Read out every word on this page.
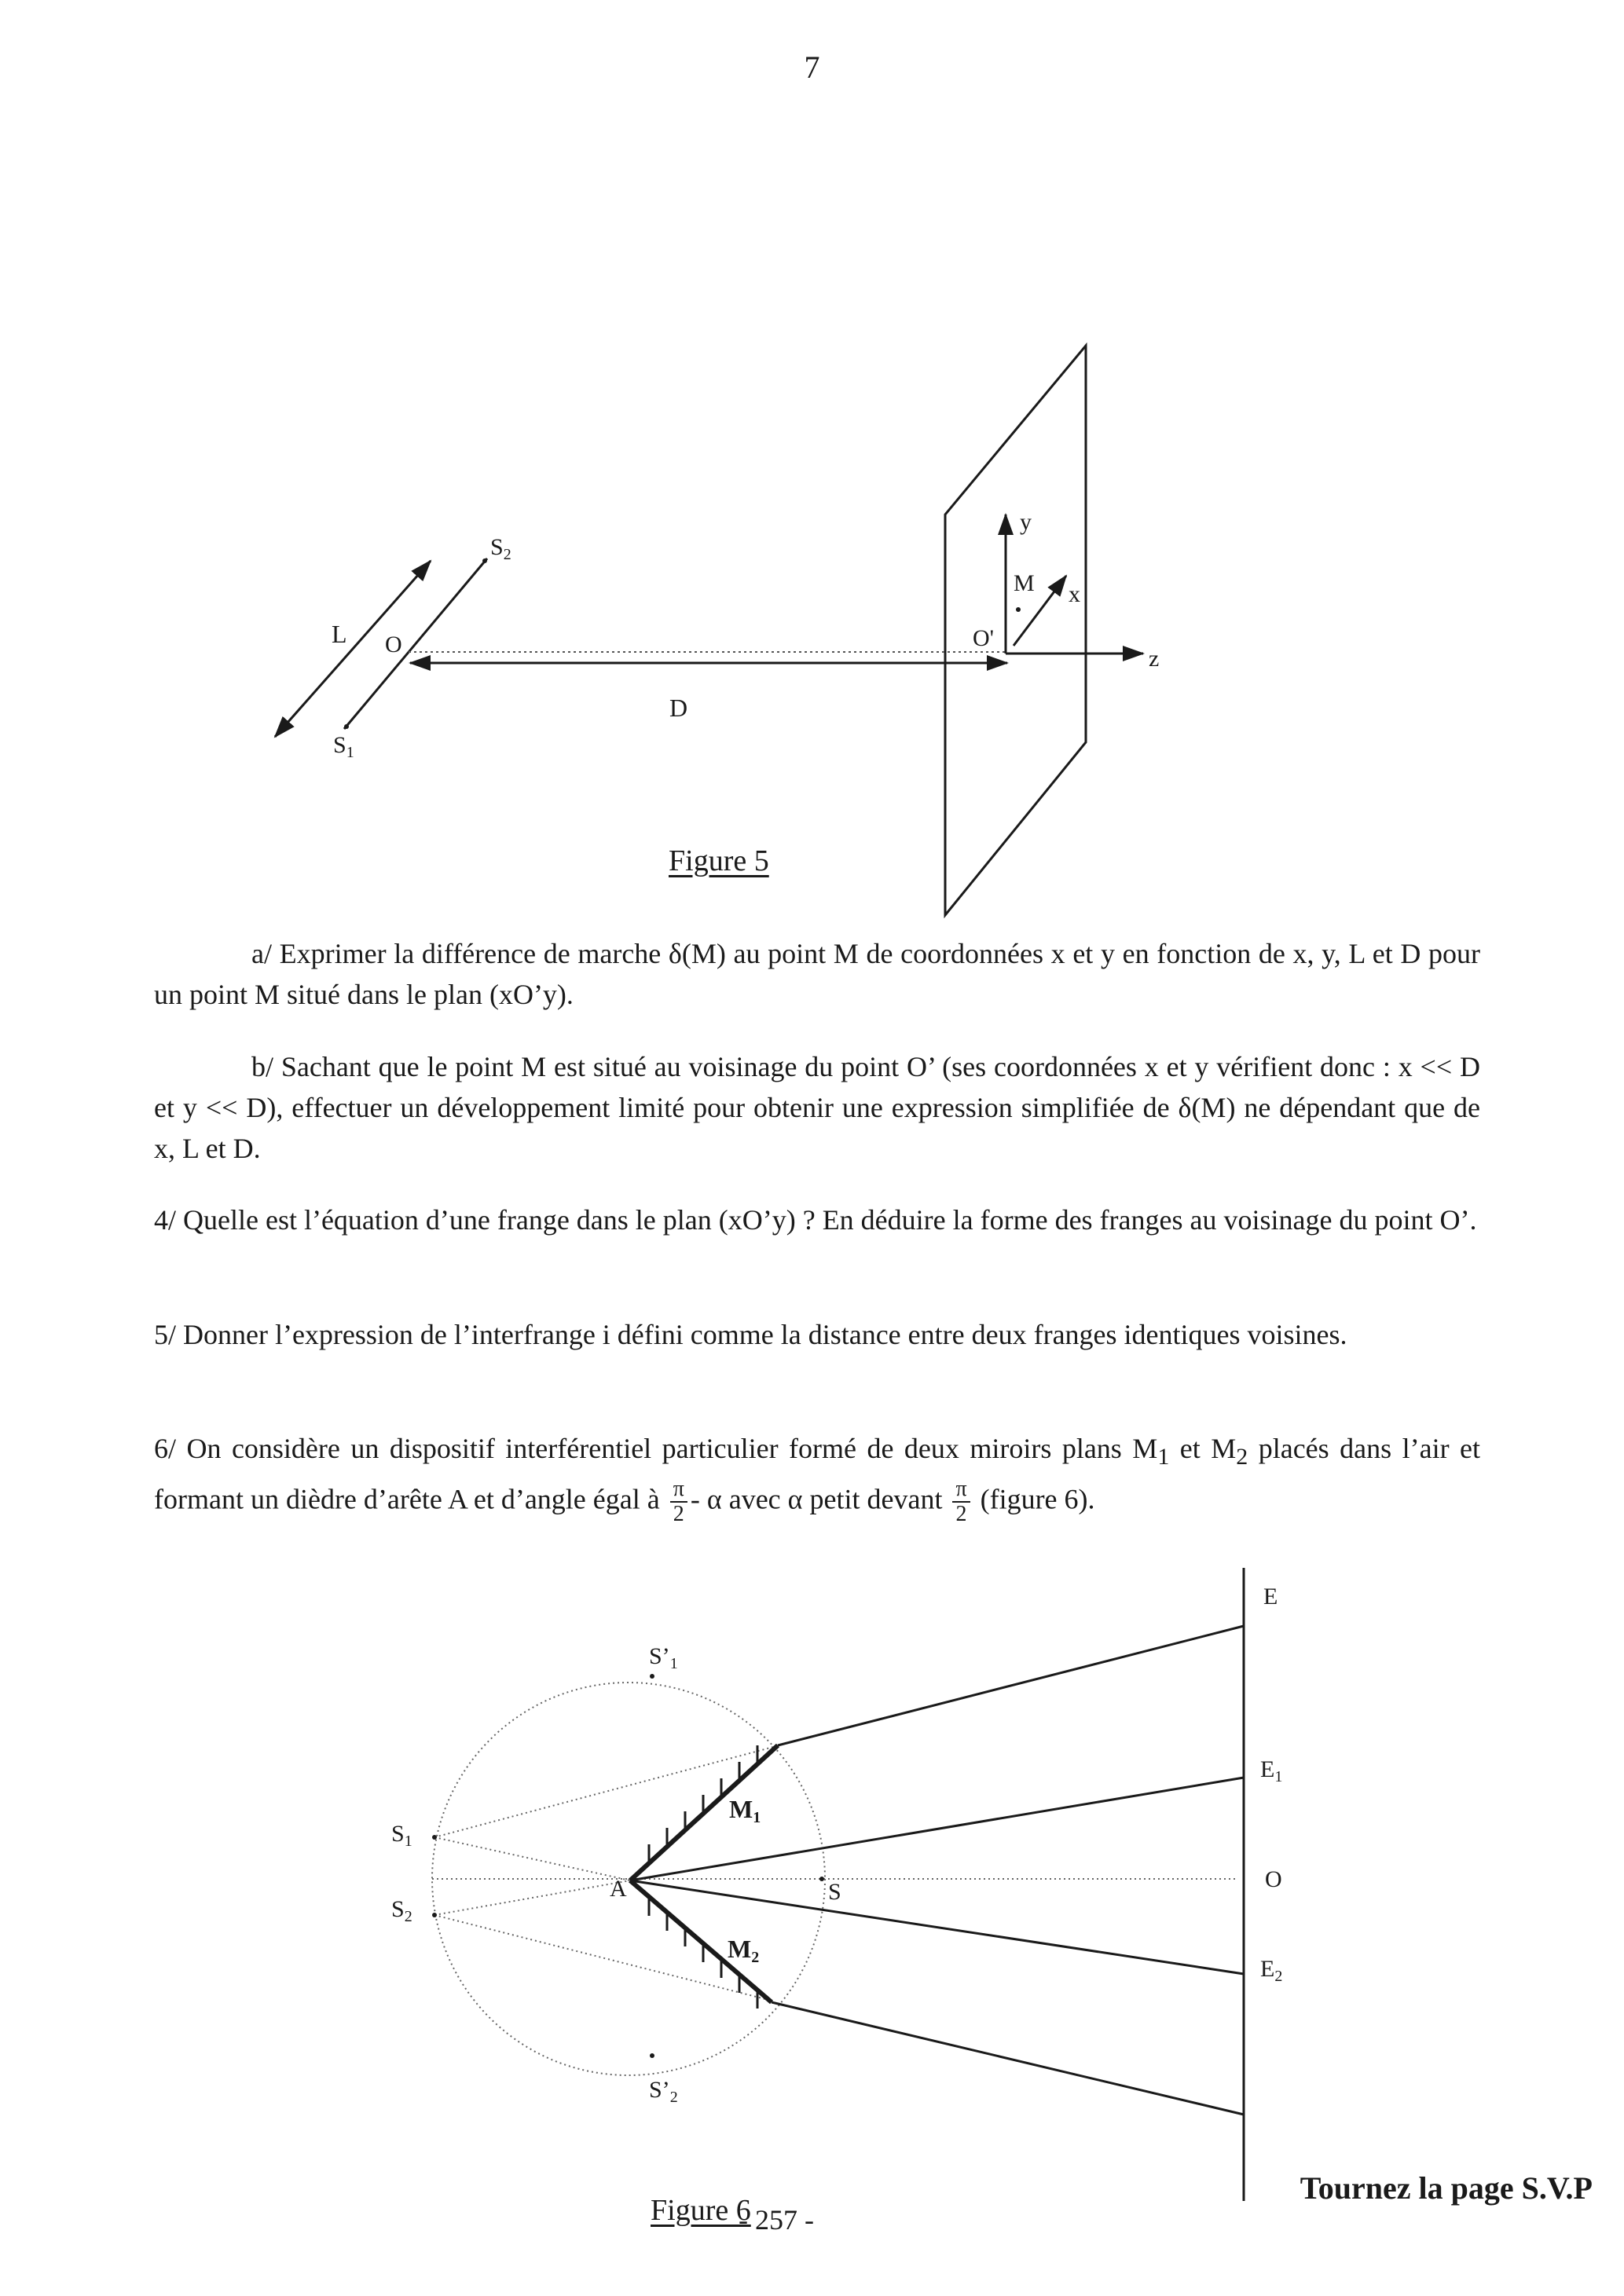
7
$S_2$
$S_1$
L O
D
O'
M x
y
z
Figure 5
a/ Exprimer la différence de marche δ(M) au point M de coordonnées x et y en fonction de x, y, L et D pour un point M situé dans le plan (xO’y).
b/ Sachant que le point M est situé au voisinage du point O’ (ses coordonnées x et y vérifient donc : x << D et y << D), effectuer un développement limité pour obtenir une expression simplifiée de δ(M) ne dépendant que de x, L et D.
4/ Quelle est l’équation d’une frange dans le plan (xO’y) ? En déduire la forme des franges au voisinage du point O’.
5/ Donner l’expression de l’interfrange i défini comme la distance entre deux franges identiques voisines.
6/ On considère un dispositif interférentiel particulier formé de deux miroirs plans $M_1$ et $M_2$ placés dans l’air et formant un dièdre d’arête A et d’angle égal à $\frac{\pi}{2}$ - α avec α petit devant $\frac{\pi}{2}$ (figure 6).
E
$E_1$
O
$E_2$
$S’_1$
$S’_2$
$S_1$
$S_2$
A	S
M1
M2
Tournez la page S.V.P
Figure 6
- 257 -
